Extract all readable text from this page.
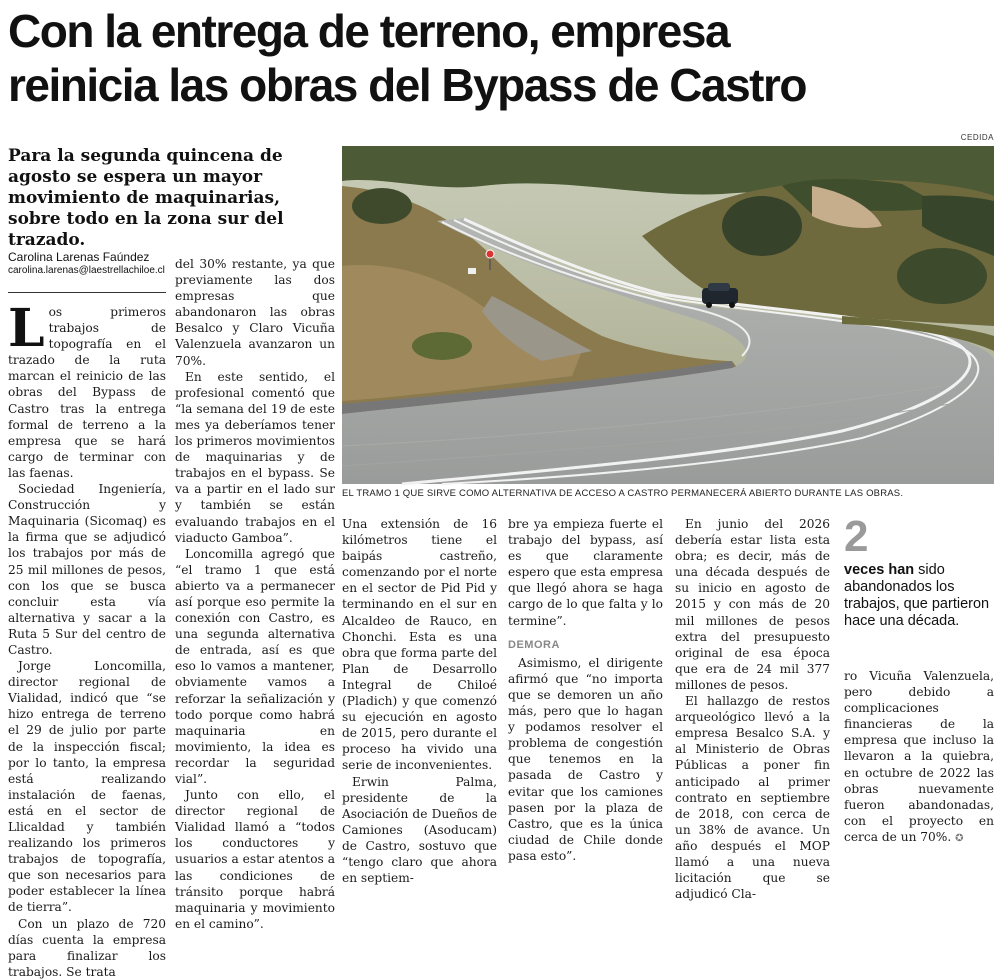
Con la entrega de terreno, empresa
reinicia las obras del Bypass de Castro
Para la segunda quincena de agosto se espera un mayor movimiento de maquinarias, sobre todo en la zona sur del trazado.
Carolina Larenas Faúndez
carolina.larenas@laestrellachiloe.cl

Los primeros trabajos de topografía en el trazado de la ruta marcan el reinicio de las obras del Bypass de Castro tras la entrega formal de terreno a la empresa que se hará cargo de terminar con las faenas.

Sociedad Ingeniería, Construcción y Maquinaria (Sicomaq) es la firma que se adjudicó los trabajos por más de 25 mil millones de pesos, con los que se busca concluir esta vía alternativa y sacar a la Ruta 5 Sur del centro de Castro.

Jorge Loncomilla, director regional de Vialidad, indicó que “se hizo entrega de terreno el 29 de julio por parte de la inspección fiscal; por lo tanto, la empresa está realizando instalación de faenas, está en el sector de Llicaldad y también realizando los primeros trabajos de topografía, que son necesarios para poder establecer la línea de tierra”.

Con un plazo de 720 días cuenta la empresa para finalizar los trabajos. Se trata

del 30% restante, ya que previamente las dos empresas que abandonaron las obras Besalco y Claro Vicuña Valenzuela avanzaron un 70%.

En este sentido, el profesional comentó que “la semana del 19 de este mes ya deberíamos tener los primeros movimientos de maquinarias y de trabajos en el bypass. Se va a partir en el lado sur y también se están evaluando trabajos en el viaducto Gamboa”.

Loncomilla agregó que “el tramo 1 que está abierto va a permanecer así porque eso permite la conexión con Castro, es una segunda alternativa de entrada, así es que eso lo vamos a mantener, obviamente vamos a reforzar la señalización y todo porque como habrá maquinaria en movimiento, la idea es recordar la seguridad vial”.

Junto con ello, el director regional de Vialidad llamó a “todos los conductores y usuarios a estar atentos a las condiciones de tránsito porque habrá maquinaria y movimiento en el camino”.

CEDIDA
EL TRAMO 1 QUE SIRVE COMO ALTERNATIVA DE ACCESO A CASTRO PERMANECERÁ ABIERTO DURANTE LAS OBRAS.

Una extensión de 16 kilómetros tiene el baipás castreño, comenzando por el norte en el sector de Pid Pid y terminando en el sur en Alcaldeo de Rauco, en Chonchi. Esta es una obra que forma parte del Plan de Desarrollo Integral de Chiloé (Pladich) y que comenzó su ejecución en agosto de 2015, pero durante el proceso ha vivido una serie de inconvenientes.

Erwin Palma, presidente de la Asociación de Dueños de Camiones (Asoducam) de Castro, sostuvo que “tengo claro que ahora en septiem-

bre ya empieza fuerte el trabajo del bypass, así es que claramente espero que esta empresa que llegó ahora se haga cargo de lo que falta y lo termine”.

DEMORA

Asimismo, el dirigente afirmó que “no importa que se demoren un año más, pero que lo hagan y podamos resolver el problema de congestión que tenemos en la pasada de Castro y evitar que los camiones pasen por la plaza de Castro, que es la única ciudad de Chile donde pasa esto”.

En junio del 2026 debería estar lista esta obra; es decir, más de una década después de su inicio en agosto de 2015 y con más de 20 mil millones de pesos extra del presupuesto original de esa época que era de 24 mil 377 millones de pesos.

El hallazgo de restos arqueológico llevó a la empresa Besalco S.A. y al Ministerio de Obras Públicas a poner fin anticipado al primer contrato en septiembre de 2018, con cerca de un 38% de avance. Un año después el MOP llamó a una nueva licitación que se adjudicó Cla-

2
veces han sido abandonados los trabajos, que partieron hace una década.

ro Vicuña Valenzuela, pero debido a complicaciones financieras de la empresa que incluso la llevaron a la quiebra, en octubre de 2022 las obras nuevamente fueron abandonadas, con el proyecto en cerca de un 70%. ✪
